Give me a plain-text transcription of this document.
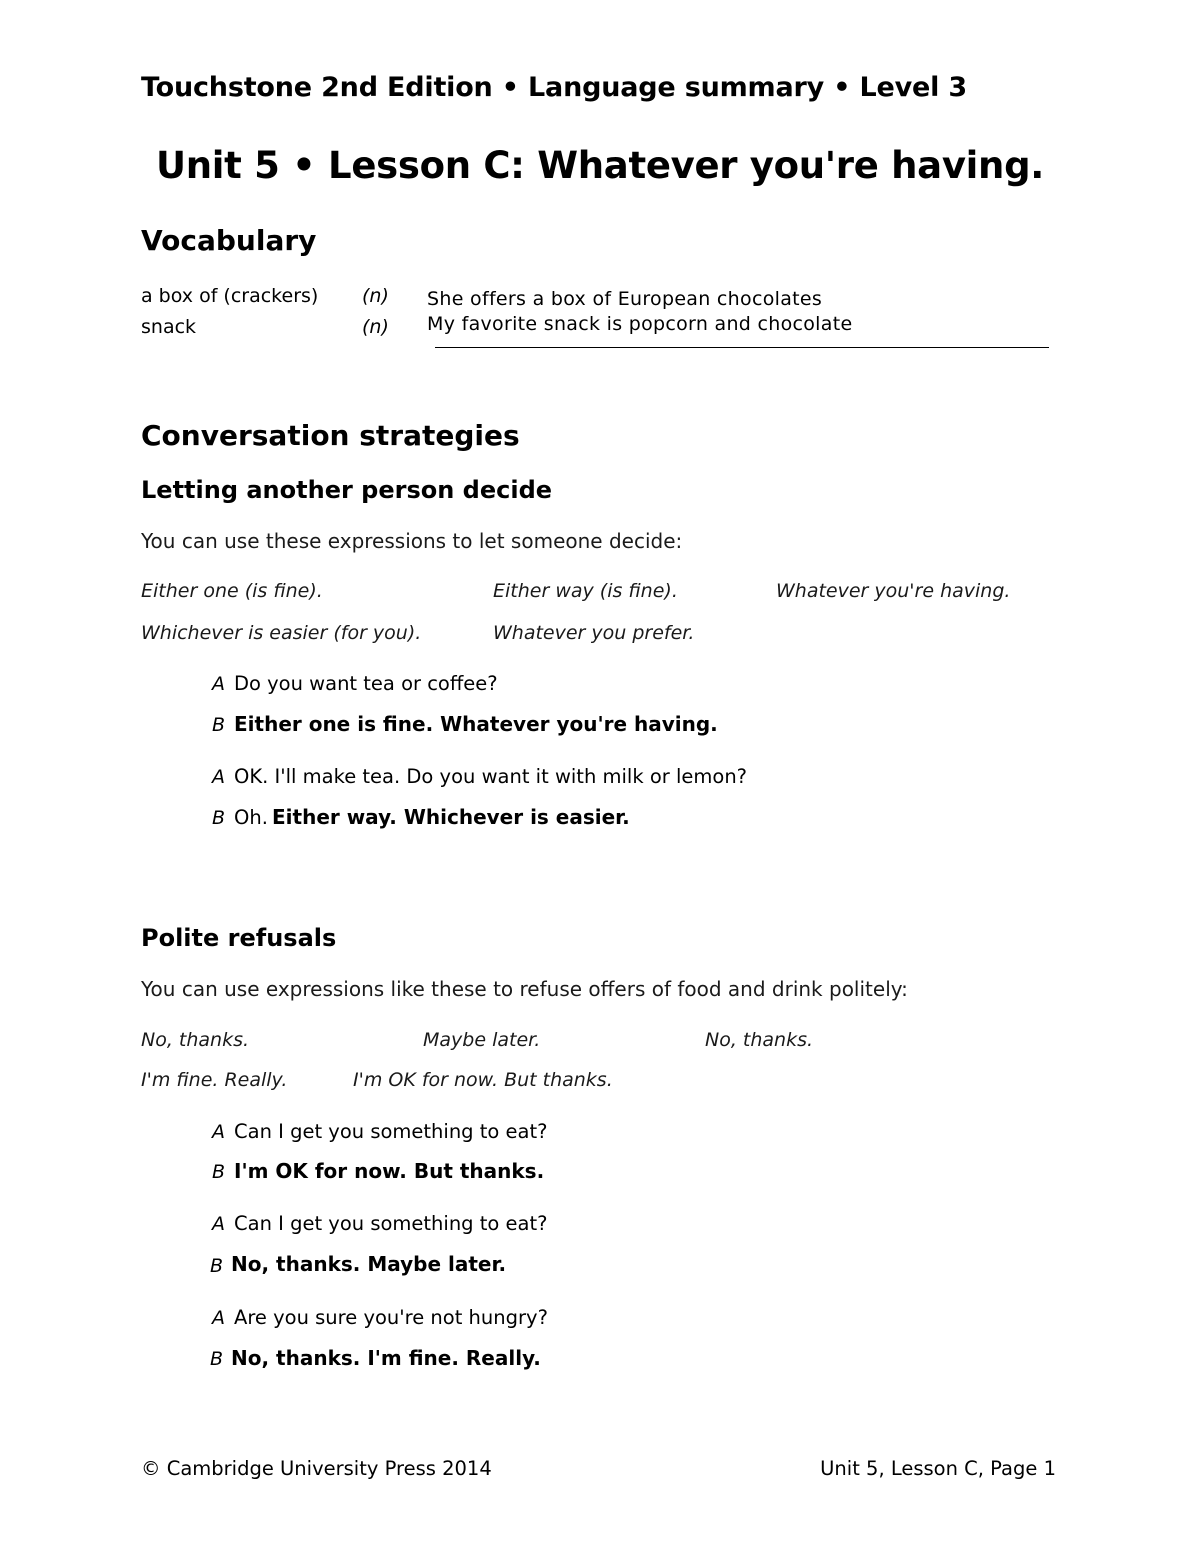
Touchstone 2nd Edition • Language summary • Level 3
Unit 5 • Lesson C: Whatever you're having.
Vocabulary
a box of (crackers) (n) She offers a box of European chocolates
snack	(n) My favorite snack is popcorn and chocolate
Conversation strategies
Letting another person decide
You can use these expressions to let someone decide:
Either one (is fine).	Either way (is fine).	Whatever you're having.
Whichever is easier (for you).	Whatever you prefer.
A Do you want tea or coffee?
B Either one is fine. Whatever you're having.
A OK. I'll make tea. Do you want it with milk or lemon?
B Oh. Either way. Whichever is easier.
Polite refusals
You can use expressions like these to refuse offers of food and drink politely:
No, thanks.	Maybe later.	No, thanks.
I'm fine. Really.	I'm OK for now. But thanks.
A Can I get you something to eat?
B I'm OK for now. But thanks.
A Can I get you something to eat?
B No, thanks. Maybe later.
A Are you sure you're not hungry?
B No, thanks. I'm fine. Really.
© Cambridge University Press 2014	Unit 5, Lesson C, Page 1
